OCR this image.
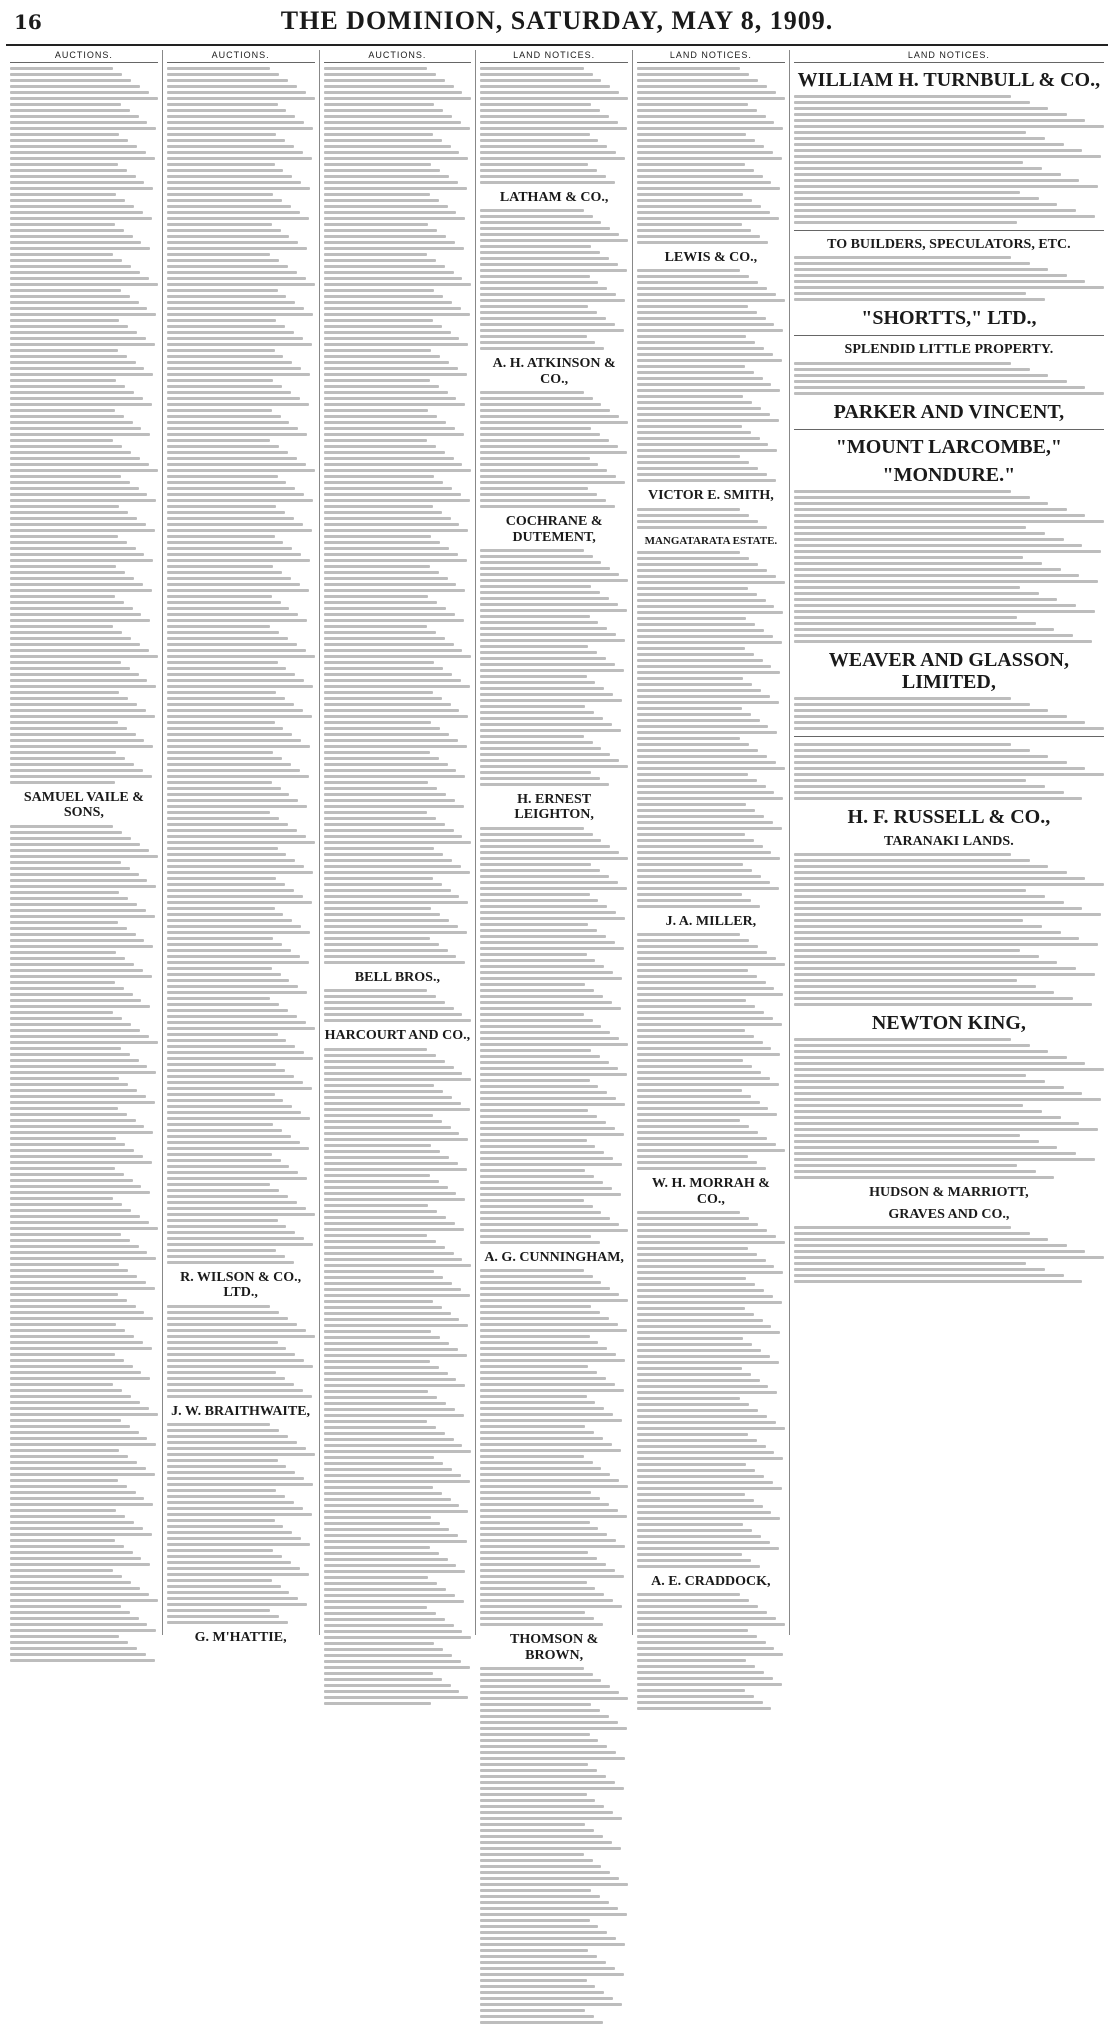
16	THE DOMINION, SATURDAY, MAY 8, 1909.
AUCTIONS.
SAMUEL VAILE & SONS,
AUCTIONS.
R. WILSON & CO., LTD.,
J. W. BRAITHWAITE,
G. M'HATTIE,
AUCTIONS.
BELL BROS.,
HARCOURT AND CO.,
LAND NOTICES.
LATHAM & CO.,
A. H. ATKINSON & CO.,
COCHRANE & DUTEMENT,
H. ERNEST LEIGHTON,
A. G. CUNNINGHAM,
THOMSON & BROWN,
LAND NOTICES.
LEWIS & CO.,
VICTOR E. SMITH,
MANGATARATA ESTATE.
J. A. MILLER,
W. H. MORRAH & CO.,
A. E. CRADDOCK,
LAND NOTICES.
WILLIAM H. TURNBULL & CO.,
TO BUILDERS, SPECULATORS, ETC.
"SHORTTS," LTD.,
SPLENDID LITTLE PROPERTY.
PARKER AND VINCENT,
"MOUNT LARCOMBE,"
"MONDURE."
WEAVER AND GLASSON, LIMITED,
H. F. RUSSELL & CO.,
TARANAKI LANDS.
NEWTON KING,
HUDSON & MARRIOTT,
GRAVES AND CO.,
